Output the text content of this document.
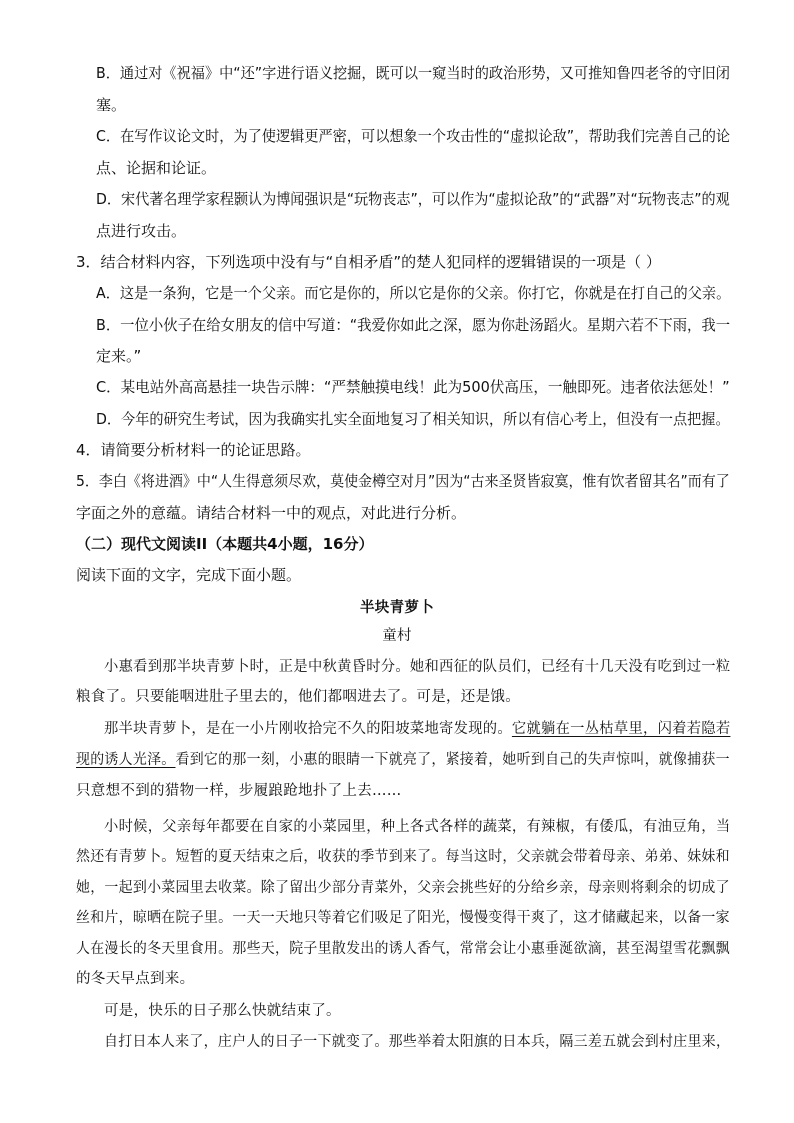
B．通过对《祝福》中“还”字进行语义挖掘，既可以一窥当时的政治形势，又可推知鲁四老爷的守旧闭
塞。
C．在写作议论文时，为了使逻辑更严密，可以想象一个攻击性的“虚拟论敌”，帮助我们完善自己的论
点、论据和论证。
D．宋代著名理学家程颢认为博闻强识是“玩物丧志”，可以作为“虚拟论敌”的“武器”对“玩物丧志”的观
点进行攻击。
3．结合材料内容，下列选项中没有与“自相矛盾”的楚人犯同样的逻辑错误的一项是（ ）
A．这是一条狗，它是一个父亲。而它是你的，所以它是你的父亲。你打它，你就是在打自己的父亲。
B．一位小伙子在给女朋友的信中写道：“我爱你如此之深，愿为你赴汤蹈火。星期六若不下雨，我一
定来。”
C．某电站外高高悬挂一块告示牌：“严禁触摸电线！此为500伏高压，一触即死。违者依法惩处！”
D．今年的研究生考试，因为我确实扎实全面地复习了相关知识，所以有信心考上，但没有一点把握。
4．请简要分析材料一的论证思路。
5．李白《将进酒》中“人生得意须尽欢，莫使金樽空对月”因为“古来圣贤皆寂寞，惟有饮者留其名”而有了
字面之外的意蕴。请结合材料一中的观点，对此进行分析。
（二）现代文阅读II（本题共4小题，16分）
阅读下面的文字，完成下面小题。
半块青萝卜
童村
小惠看到那半块青萝卜时，正是中秋黄昏时分。她和西征的队员们，已经有十几天没有吃到过一粒
粮食了。只要能咽进肚子里去的，他们都咽进去了。可是，还是饿。
那半块青萝卜，是在一小片刚收拾完不久的阳坡菜地寄发现的。它就躺在一丛枯草里，闪着若隐若
现的诱人光泽。看到它的那一刻，小惠的眼睛一下就亮了，紧接着，她听到自己的失声惊叫，就像捕获一
只意想不到的猎物一样，步履踉跄地扑了上去……
小时候，父亲每年都要在自家的小菜园里，种上各式各样的蔬菜，有辣椒，有倭瓜，有油豆角，当
然还有青萝卜。短暂的夏天结束之后，收获的季节到来了。每当这时，父亲就会带着母亲、弟弟、妹妹和
她，一起到小菜园里去收菜。除了留出少部分青菜外，父亲会挑些好的分给乡亲，母亲则将剩余的切成了
丝和片，晾晒在院子里。一天一天地只等着它们吸足了阳光，慢慢变得干爽了，这才储藏起来，以备一家
人在漫长的冬天里食用。那些天，院子里散发出的诱人香气，常常会让小惠垂涎欲滴，甚至渴望雪花飘飘
的冬天早点到来。
可是，快乐的日子那么快就结束了。
自打日本人来了，庄户人的日子一下就变了。那些举着太阳旗的日本兵，隔三差五就会到村庄里来，
